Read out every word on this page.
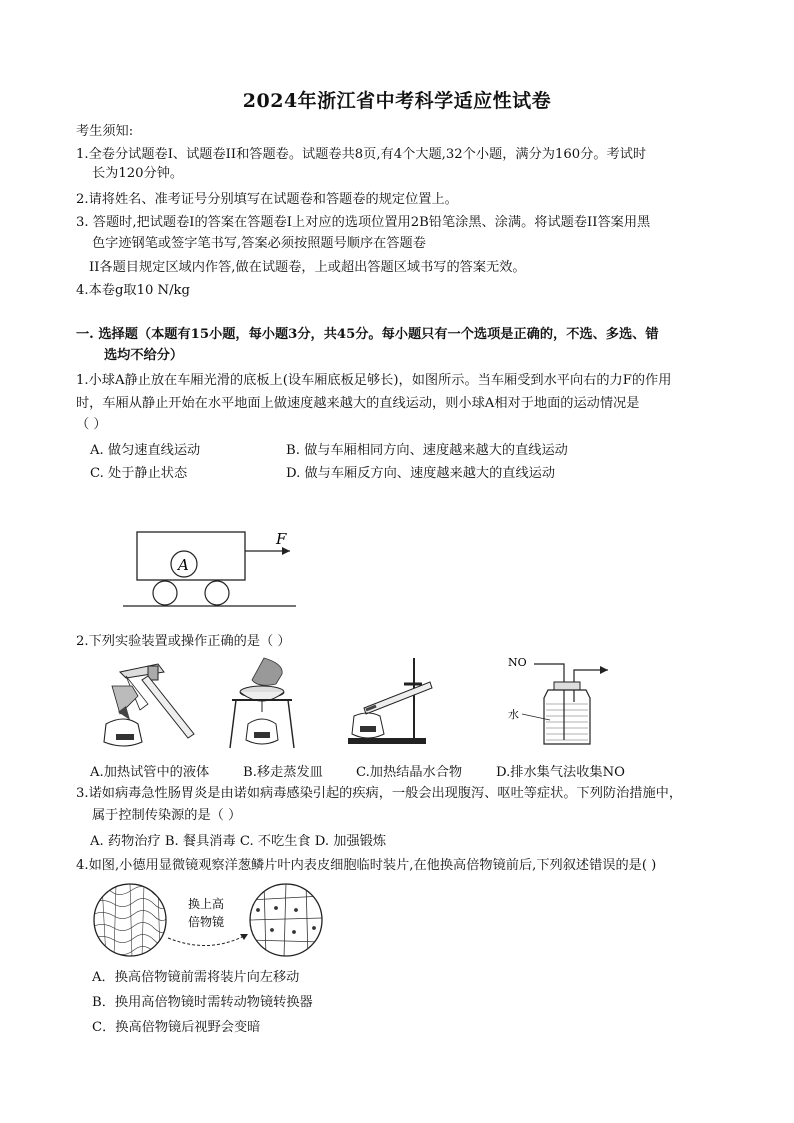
2024年浙江省中考科学适应性试卷
考生须知:
1.全卷分试题卷I、试题卷II和答题卷。试题卷共8页,有4个大题,32个小题，满分为160分。考试时
长为120分钟。
2.请将姓名、准考证号分别填写在试题卷和答题卷的规定位置上。
3. 答题时,把试题卷I的答案在答题卷I上对应的选项位置用2B铅笔涂黑、涂满。将试题卷II答案用黑
色字迹钢笔或签字笔书写,答案必须按照题号顺序在答题卷
II各题目规定区域内作答,做在试题卷，上或超出答题区域书写的答案无效。
4.本卷g取10 N/kg
一. 选择题（本题有15小题，每小题3分，共45分。每小题只有一个选项是正确的，不选、多选、错
选均不给分）
1.小球A静止放在车厢光滑的底板上(设车厢底板足够长)，如图所示。当车厢受到水平向右的力F的作用
时，车厢从静止开始在水平地面上做速度越来越大的直线运动，则小球A相对于地面的运动情况是
（ ）
A. 做匀速直线运动	B. 做与车厢相同方向、速度越来越大的直线运动
C. 处于静止状态	D. 做与车厢反方向、速度越来越大的直线运动
A
F
2.下列实验装置或操作正确的是（ ）
NO
水
A.加热试管中的液体	B.移走蒸发皿	C.加热结晶水合物	D.排水集气法收集NO
3.诺如病毒急性肠胃炎是由诺如病毒感染引起的疾病，一般会出现腹泻、呕吐等症状。下列防治措施中，
属于控制传染源的是（ ）
A. 药物治疗 B. 餐具消毒 C. 不吃生食 D. 加强锻炼
4.如图,小德用显微镜观察洋葱鳞片叶内表皮细胞临时装片,在他换高倍物镜前后,下列叙述错误的是( )
换上高
倍物镜
A．换高倍物镜前需将装片向左移动
B．换用高倍物镜时需转动物镜转换器
C．换高倍物镜后视野会变暗
